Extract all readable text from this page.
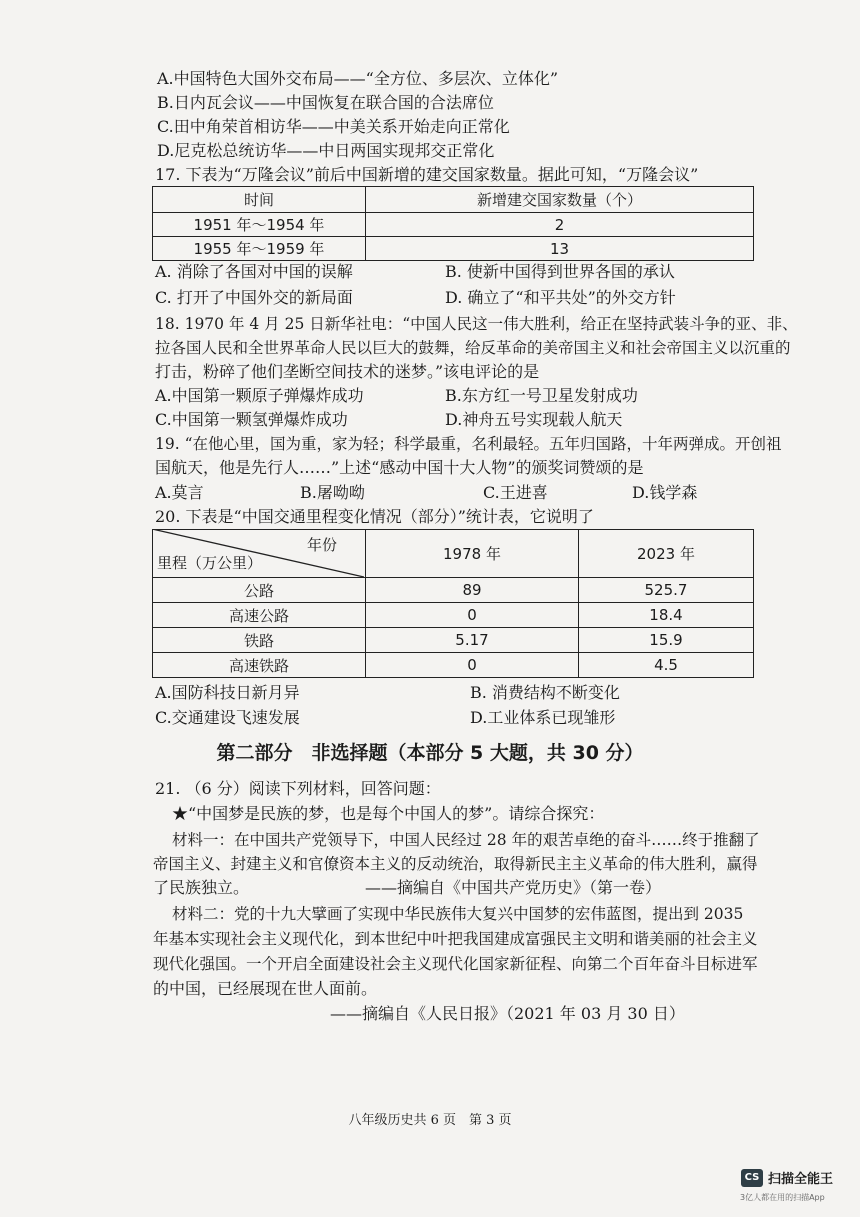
A.中国特色大国外交布局——“全方位、多层次、立体化”
B.日内瓦会议——中国恢复在联合国的合法席位
C.田中角荣首相访华——中美关系开始走向正常化
D.尼克松总统访华——中日两国实现邦交正常化
17. 下表为“万隆会议”前后中国新增的建交国家数量。据此可知，“万隆会议”
时间	新增建交国家数量（个）
1951 年～1954 年	2
1955 年～1959 年	13
A. 消除了各国对中国的误解	B. 使新中国得到世界各国的承认
C. 打开了中国外交的新局面	D. 确立了“和平共处”的外交方针
18. 1970 年 4 月 25 日新华社电：“中国人民这一伟大胜利，给正在坚持武装斗争的亚、非、
拉各国人民和全世界革命人民以巨大的鼓舞，给反革命的美帝国主义和社会帝国主义以沉重的
打击，粉碎了他们垄断空间技术的迷梦。”该电评论的是
A.中国第一颗原子弹爆炸成功	B.东方红一号卫星发射成功
C.中国第一颗氢弹爆炸成功	D.神舟五号实现载人航天
19. “在他心里，国为重，家为轻；科学最重，名利最轻。五年归国路，十年两弹成。开创祖
国航天，他是先行人……”上述“感动中国十大人物”的颁奖词赞颂的是
A.莫言	B.屠呦呦	C.王进喜	D.钱学森
20. 下表是“中国交通里程变化情况（部分）”统计表，它说明了
年份
里程（万公里）	1978 年	2023 年
公路	89	525.7
高速公路	0	18.4
铁路	5.17	15.9
高速铁路	0	4.5
A.国防科技日新月异	B. 消费结构不断变化
C.交通建设飞速发展	D.工业体系已现雏形
第二部分　非选择题（本部分 5 大题，共 30 分）
21. （6 分）阅读下列材料，回答问题：
★“中国梦是民族的梦，也是每个中国人的梦”。请综合探究：
材料一：在中国共产党领导下，中国人民经过 28 年的艰苦卓绝的奋斗……终于推翻了
帝国主义、封建主义和官僚资本主义的反动统治，取得新民主主义革命的伟大胜利，赢得
了民族独立。	——摘编自《中国共产党历史》（第一卷）
材料二：党的十九大擘画了实现中华民族伟大复兴中国梦的宏伟蓝图，提出到 2035
年基本实现社会主义现代化，到本世纪中叶把我国建成富强民主文明和谐美丽的社会主义
现代化强国。一个开启全面建设社会主义现代化国家新征程、向第二个百年奋斗目标进军
的中国，已经展现在世人面前。
——摘编自《人民日报》（2021 年 03 月 30 日）
八年级历史共 6 页　第 3 页
CS 扫描全能王
3亿人都在用的扫描App
